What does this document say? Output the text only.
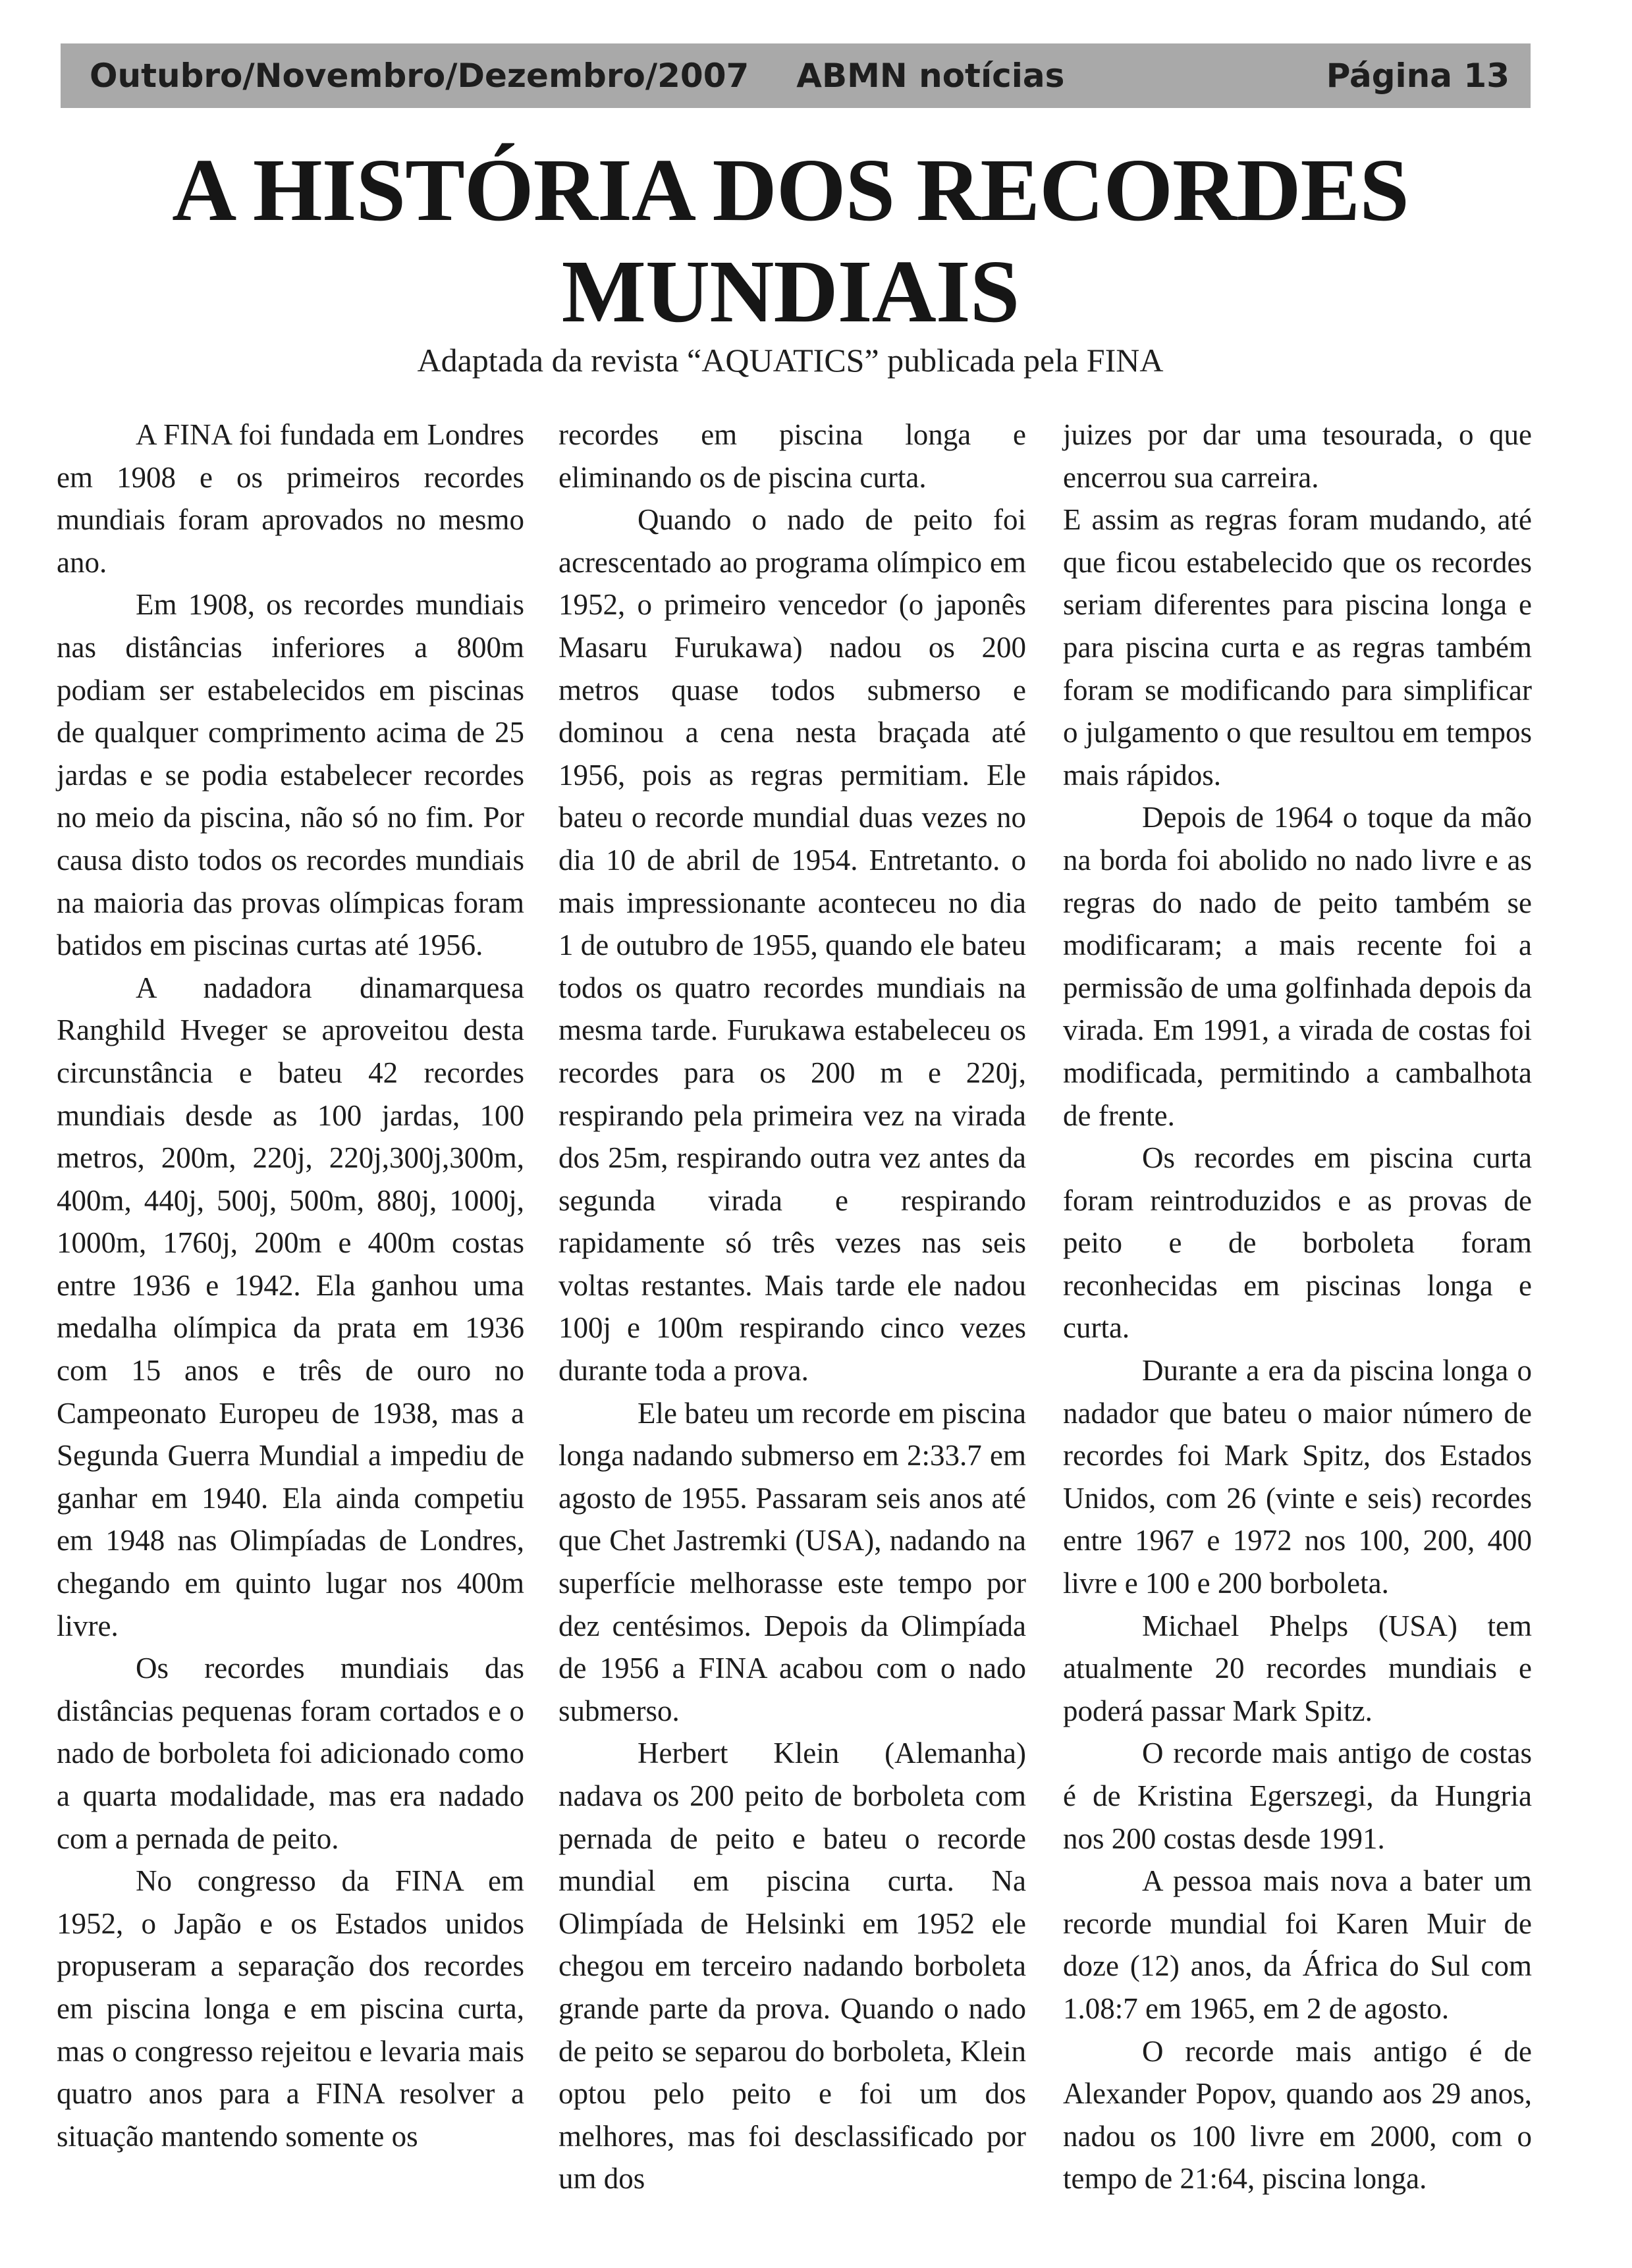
Outubro/Novembro/Dezembro/2007 ABMN notícias	Página 13
A HISTÓRIA DOS RECORDES MUNDIAIS

Adaptada da revista “AQUATICS” publicada pela FINA

A FINA foi fundada em Londres em 1908 e os primeiros recordes mundiais foram aprovados no mesmo ano.

Em 1908, os recordes mundiais nas distâncias inferiores a 800m podiam ser estabelecidos em piscinas de qualquer comprimento acima de 25 jardas e se podia estabelecer recordes no meio da piscina, não só no fim. Por causa disto todos os recordes mundiais na maioria das provas olímpicas foram batidos em piscinas curtas até 1956.

A nadadora dinamarquesa Ranghild Hveger se aproveitou desta circunstância e bateu 42 recordes mundiais desde as 100 jardas, 100 metros, 200m, 220j, 220j,300j,300m, 400m, 440j, 500j, 500m, 880j, 1000j, 1000m, 1760j, 200m e 400m costas entre 1936 e 1942. Ela ganhou uma medalha olímpica da prata em 1936 com 15 anos e três de ouro no Campeonato Europeu de 1938, mas a Segunda Guerra Mundial a impediu de ganhar em 1940. Ela ainda competiu em 1948 nas Olimpíadas de Londres, chegando em quinto lugar nos 400m livre.

Os recordes mundiais das distâncias pequenas foram cortados e o nado de borboleta foi adicionado como a quarta modalidade, mas era nadado com a pernada de peito.

No congresso da FINA em 1952, o Japão e os Estados unidos propuseram a separação dos recordes em piscina longa e em piscina curta, mas o congresso rejeitou e levaria mais quatro anos para a FINA resolver a situação mantendo somente os

recordes em piscina longa e eliminando os de piscina curta.

Quando o nado de peito foi acrescentado ao programa olímpico em 1952, o primeiro vencedor (o japonês Masaru Furukawa) nadou os 200 metros quase todos submerso e dominou a cena nesta braçada até 1956, pois as regras permitiam. Ele bateu o recorde mundial duas vezes no dia 10 de abril de 1954. Entretanto. o mais impressionante aconteceu no dia 1 de outubro de 1955, quando ele bateu todos os quatro recordes mundiais na mesma tarde. Furukawa estabeleceu os recordes para os 200 m e 220j, respirando pela primeira vez na virada dos 25m, respirando outra vez antes da segunda virada e respirando rapidamente só três vezes nas seis voltas restantes. Mais tarde ele nadou 100j e 100m respirando cinco vezes durante toda a prova.

Ele bateu um recorde em piscina longa nadando submerso em 2:33.7 em agosto de 1955. Passaram seis anos até que Chet Jastremki (USA), nadando na superfície melhorasse este tempo por dez centésimos. Depois da Olimpíada de 1956 a FINA acabou com o nado submerso.

Herbert Klein (Alemanha) nadava os 200 peito de borboleta com pernada de peito e bateu o recorde mundial em piscina curta. Na Olimpíada de Helsinki em 1952 ele chegou em terceiro nadando borboleta grande parte da prova. Quando o nado de peito se separou do borboleta, Klein optou pelo peito e foi um dos melhores, mas foi desclassificado por um dos

juizes por dar uma tesourada, o que encerrou sua carreira.

E assim as regras foram mudando, até que ficou estabelecido que os recordes seriam diferentes para piscina longa e para piscina curta e as regras também foram se modificando para simplificar o julgamento o que resultou em tempos mais rápidos.

Depois de 1964 o toque da mão na borda foi abolido no nado livre e as regras do nado de peito também se modificaram; a mais recente foi a permissão de uma golfinhada depois da virada. Em 1991, a virada de costas foi modificada, permitindo a cambalhota de frente.

Os recordes em piscina curta foram reintroduzidos e as provas de peito e de borboleta foram reconhecidas em piscinas longa e curta.

Durante a era da piscina longa o nadador que bateu o maior número de recordes foi Mark Spitz, dos Estados Unidos, com 26 (vinte e seis) recordes entre 1967 e 1972 nos 100, 200, 400 livre e 100 e 200 borboleta.

Michael Phelps (USA) tem atualmente 20 recordes mundiais e poderá passar Mark Spitz.

O recorde mais antigo de costas é de Kristina Egerszegi, da Hungria nos 200 costas desde 1991.

A pessoa mais nova a bater um recorde mundial foi Karen Muir de doze (12) anos, da África do Sul com 1.08:7 em 1965, em 2 de agosto.

O recorde mais antigo é de Alexander Popov, quando aos 29 anos, nadou os 100 livre em 2000, com o tempo de 21:64, piscina longa.
